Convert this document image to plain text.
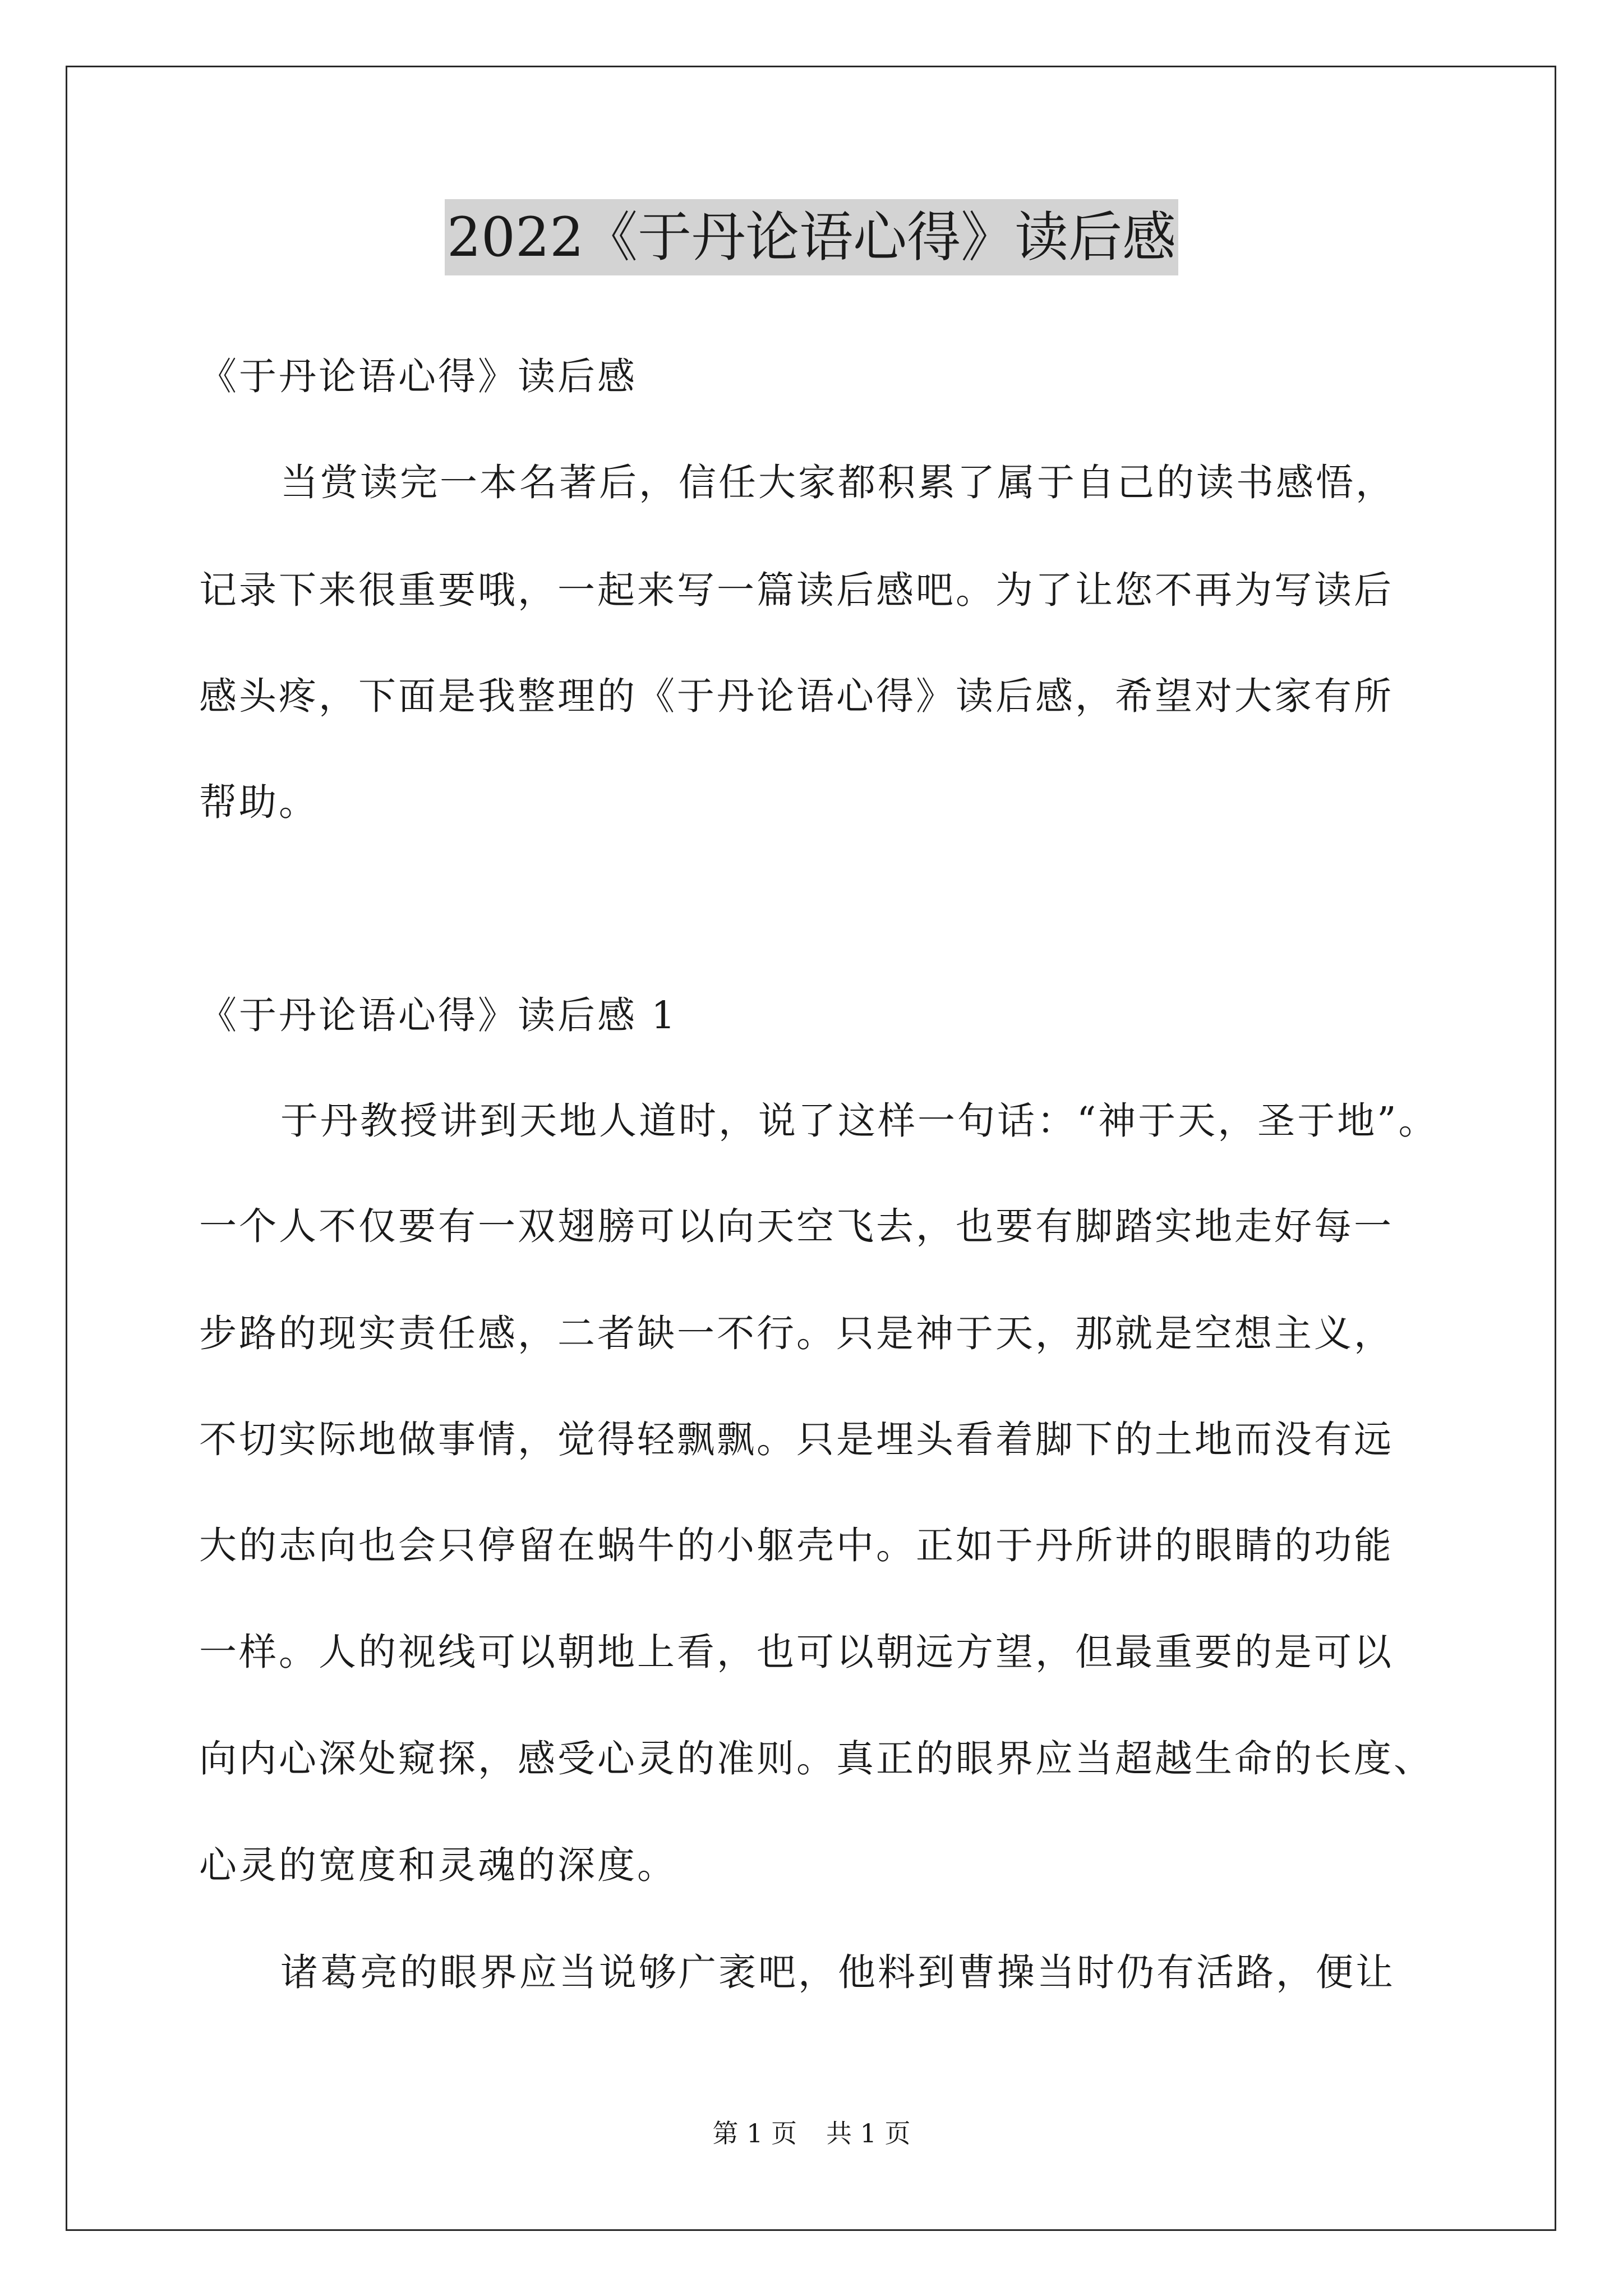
2022《于丹论语心得》读后感
《于丹论语心得》读后感
当赏读完一本名著后，信任大家都积累了属于自己的读书感悟，
记录下来很重要哦，一起来写一篇读后感吧。为了让您不再为写读后
感头疼，下面是我整理的《于丹论语心得》读后感，希望对大家有所
帮助。
《于丹论语心得》读后感 1
于丹教授讲到天地人道时，说了这样一句话：“神于天，圣于地”。
一个人不仅要有一双翅膀可以向天空飞去，也要有脚踏实地走好每一
步路的现实责任感，二者缺一不行。只是神于天，那就是空想主义，
不切实际地做事情，觉得轻飘飘。只是埋头看着脚下的土地而没有远
大的志向也会只停留在蜗牛的小躯壳中。正如于丹所讲的眼睛的功能
一样。人的视线可以朝地上看，也可以朝远方望，但最重要的是可以
向内心深处窥探，感受心灵的准则。真正的眼界应当超越生命的长度、
心灵的宽度和灵魂的深度。
诸葛亮的眼界应当说够广袤吧，他料到曹操当时仍有活路，便让
第 1 页 共 1 页
